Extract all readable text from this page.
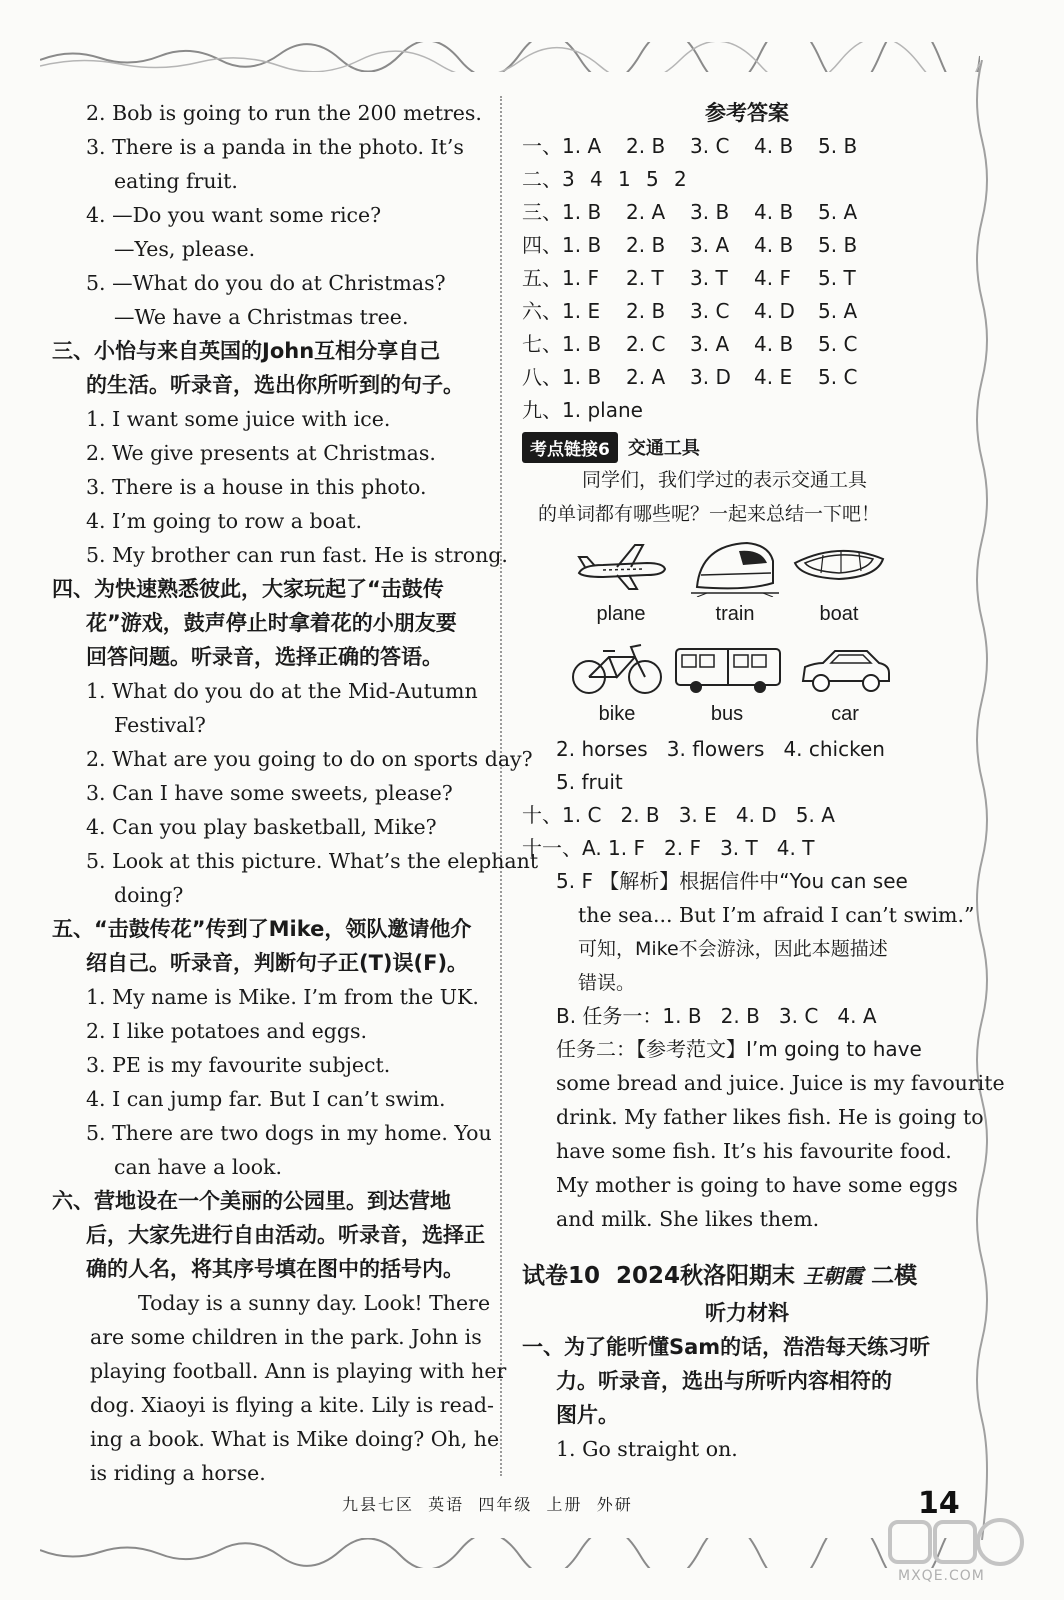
2. Bob is going to run the 200 metres.
3. There is a panda in the photo. It’s
eating fruit.
4. —Do you want some rice?
—Yes, please.
5. —What do you do at Christmas?
—We have a Christmas tree.
三、小怡与来自英国的John互相分享自己
的生活。听录音，选出你所听到的句子。
1. I want some juice with ice.
2. We give presents at Christmas.
3. There is a house in this photo.
4. I’m going to row a boat.
5. My brother can run fast. He is strong.
四、为快速熟悉彼此，大家玩起了“击鼓传
花”游戏，鼓声停止时拿着花的小朋友要
回答问题。听录音，选择正确的答语。
1. What do you do at the Mid-Autumn
Festival?
2. What are you going to do on sports day?
3. Can I have some sweets, please?
4. Can you play basketball, Mike?
5. Look at this picture. What’s the elephant
doing?
五、“击鼓传花”传到了Mike，领队邀请他介
绍自己。听录音，判断句子正(T)误(F)。
1. My name is Mike. I’m from the UK.
2. I like potatoes and eggs.
3. PE is my favourite subject.
4. I can jump far. But I can’t swim.
5. There are two dogs in my home. You
can have a look.
六、营地设在一个美丽的公园里。到达营地
后，大家先进行自由活动。听录音，选择正
确的人名，将其序号填在图中的括号内。
Today is a sunny day. Look! There
are some children in the park. John is
playing football. Ann is playing with her
dog. Xiaoyi is flying a kite. Lily is read-
ing a book. What is Mike doing? Oh, he
is riding a horse.
参考答案
一、1. A 2. B 3. C 4. B 5. B
二、3 4 1 5 2
三、1. B 2. A 3. B 4. B 5. A
四、1. B 2. B 3. A 4. B 5. B
五、1. F 2. T 3. T 4. F 5. T
六、1. E 2. B 3. C 4. D 5. A
七、1. B 2. C 3. A 4. B 5. C
八、1. B 2. A 3. D 4. E 5. C
九、1. plane
考点链接6	交通工具
同学们，我们学过的表示交通工具
的单词都有哪些呢？一起来总结一下吧！
plane	train	boat
bike	bus	car
2. horses   3. flowers   4. chicken
5. fruit
十、1. C   2. B   3. E   4. D   5. A
十一、A. 1. F   2. F   3. T   4. T
5. F 【解析】根据信件中“You can see
the sea... But I’m afraid I can’t swim.”
可知，Mike不会游泳，因此本题描述
错误。
B. 任务一：1. B   2. B   3. C   4. A
任务二：【参考范文】I’m going to have
some bread and juice. Juice is my favourite
drink. My father likes fish. He is going to
have some fish. It’s his favourite food.
My mother is going to have some eggs
and milk. She likes them.
试卷10  2024秋洛阳期末 王朝霞 二模
听力材料
一、为了能听懂Sam的话，浩浩每天练习听
力。听录音，选出与所听内容相符的
图片。
1. Go straight on.
九县七区  英语  四年级  上册  外研	14
MXQE.COM
